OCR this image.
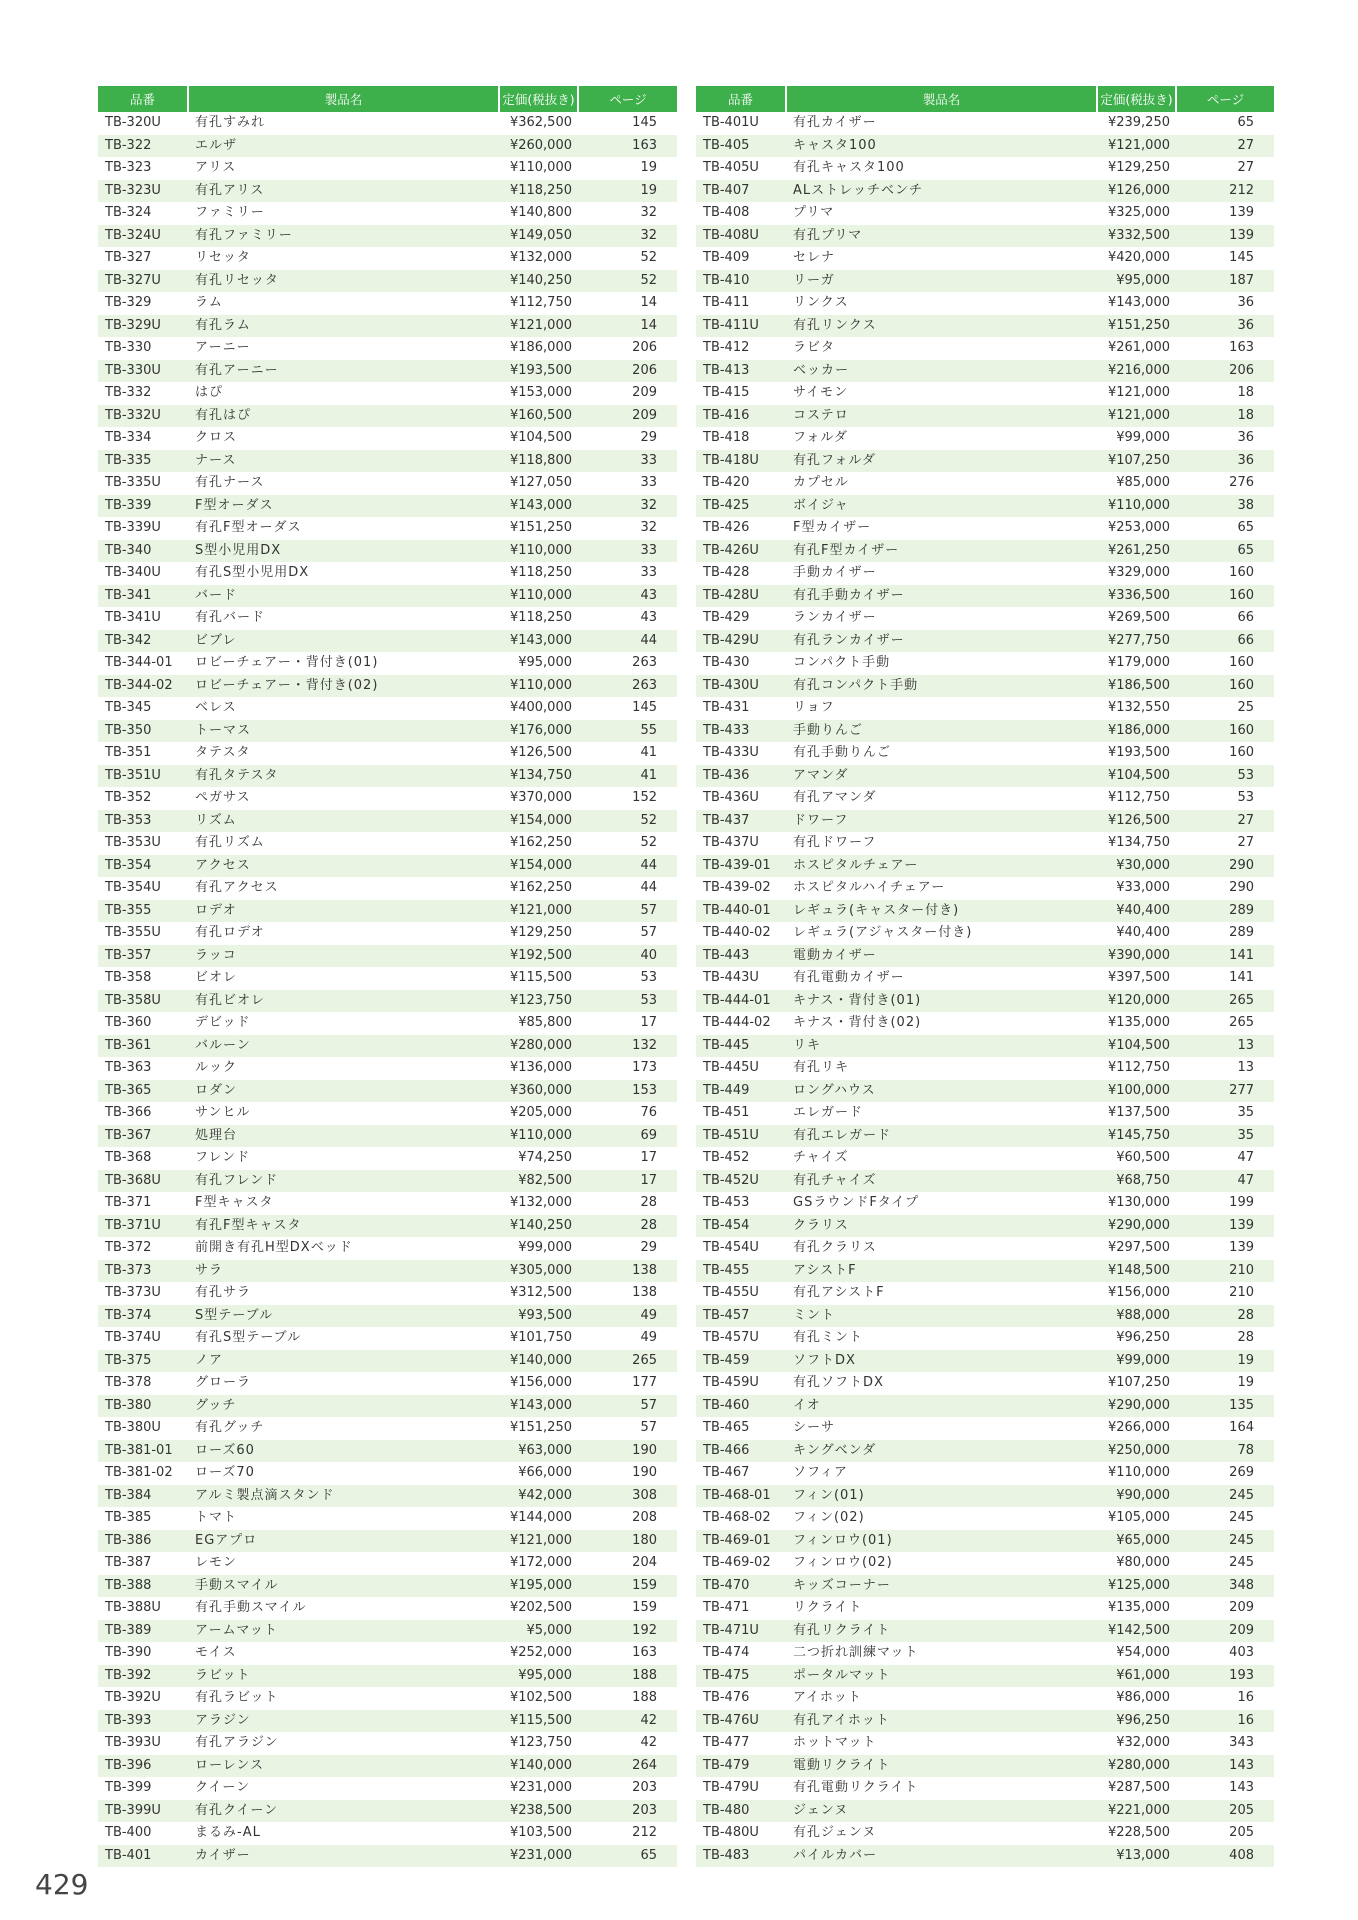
品番	製品名	定価(税抜き)	ページ
TB-320U	有孔すみれ	¥362,500	145
TB-322	エルザ	¥260,000	163
TB-323	アリス	¥110,000	19
TB-323U	有孔アリス	¥118,250	19
TB-324	ファミリー	¥140,800	32
TB-324U	有孔ファミリー	¥149,050	32
TB-327	リセッタ	¥132,000	52
TB-327U	有孔リセッタ	¥140,250	52
TB-329	ラム	¥112,750	14
TB-329U	有孔ラム	¥121,000	14
TB-330	アーニー	¥186,000	206
TB-330U	有孔アーニー	¥193,500	206
TB-332	はぴ	¥153,000	209
TB-332U	有孔はぴ	¥160,500	209
TB-334	クロス	¥104,500	29
TB-335	ナース	¥118,800	33
TB-335U	有孔ナース	¥127,050	33
TB-339	F型オーダス	¥143,000	32
TB-339U	有孔F型オーダス	¥151,250	32
TB-340	S型小児用DX	¥110,000	33
TB-340U	有孔S型小児用DX	¥118,250	33
TB-341	バード	¥110,000	43
TB-341U	有孔バード	¥118,250	43
TB-342	ビブレ	¥143,000	44
TB-344-01	ロビーチェアー・背付き(01)	¥95,000	263
TB-344-02	ロビーチェアー・背付き(02)	¥110,000	263
TB-345	ベレス	¥400,000	145
TB-350	トーマス	¥176,000	55
TB-351	タテスタ	¥126,500	41
TB-351U	有孔タテスタ	¥134,750	41
TB-352	ペガサス	¥370,000	152
TB-353	リズム	¥154,000	52
TB-353U	有孔リズム	¥162,250	52
TB-354	アクセス	¥154,000	44
TB-354U	有孔アクセス	¥162,250	44
TB-355	ロデオ	¥121,000	57
TB-355U	有孔ロデオ	¥129,250	57
TB-357	ラッコ	¥192,500	40
TB-358	ビオレ	¥115,500	53
TB-358U	有孔ビオレ	¥123,750	53
TB-360	デビッド	¥85,800	17
TB-361	バルーン	¥280,000	132
TB-363	ルック	¥136,000	173
TB-365	ロダン	¥360,000	153
TB-366	サンヒル	¥205,000	76
TB-367	処理台	¥110,000	69
TB-368	フレンド	¥74,250	17
TB-368U	有孔フレンド	¥82,500	17
TB-371	F型キャスタ	¥132,000	28
TB-371U	有孔F型キャスタ	¥140,250	28
TB-372	前開き有孔H型DXベッド	¥99,000	29
TB-373	サラ	¥305,000	138
TB-373U	有孔サラ	¥312,500	138
TB-374	S型テーブル	¥93,500	49
TB-374U	有孔S型テーブル	¥101,750	49
TB-375	ノア	¥140,000	265
TB-378	グローラ	¥156,000	177
TB-380	グッチ	¥143,000	57
TB-380U	有孔グッチ	¥151,250	57
TB-381-01	ローズ60	¥63,000	190
TB-381-02	ローズ70	¥66,000	190
TB-384	アルミ製点滴スタンド	¥42,000	308
TB-385	トマト	¥144,000	208
TB-386	EGアプロ	¥121,000	180
TB-387	レモン	¥172,000	204
TB-388	手動スマイル	¥195,000	159
TB-388U	有孔手動スマイル	¥202,500	159
TB-389	アームマット	¥5,000	192
TB-390	モイス	¥252,000	163
TB-392	ラビット	¥95,000	188
TB-392U	有孔ラビット	¥102,500	188
TB-393	アラジン	¥115,500	42
TB-393U	有孔アラジン	¥123,750	42
TB-396	ローレンス	¥140,000	264
TB-399	クイーン	¥231,000	203
TB-399U	有孔クイーン	¥238,500	203
TB-400	まるみ-AL	¥103,500	212
TB-401	カイザー	¥231,000	65
品番	製品名	定価(税抜き)	ページ
TB-401U	有孔カイザー	¥239,250	65
TB-405	キャスタ100	¥121,000	27
TB-405U	有孔キャスタ100	¥129,250	27
TB-407	ALストレッチベンチ	¥126,000	212
TB-408	プリマ	¥325,000	139
TB-408U	有孔プリマ	¥332,500	139
TB-409	セレナ	¥420,000	145
TB-410	リーガ	¥95,000	187
TB-411	リンクス	¥143,000	36
TB-411U	有孔リンクス	¥151,250	36
TB-412	ラビタ	¥261,000	163
TB-413	ベッカー	¥216,000	206
TB-415	サイモン	¥121,000	18
TB-416	コステロ	¥121,000	18
TB-418	フォルダ	¥99,000	36
TB-418U	有孔フォルダ	¥107,250	36
TB-420	カプセル	¥85,000	276
TB-425	ボイジャ	¥110,000	38
TB-426	F型カイザー	¥253,000	65
TB-426U	有孔F型カイザー	¥261,250	65
TB-428	手動カイザー	¥329,000	160
TB-428U	有孔手動カイザー	¥336,500	160
TB-429	ランカイザー	¥269,500	66
TB-429U	有孔ランカイザー	¥277,750	66
TB-430	コンパクト手動	¥179,000	160
TB-430U	有孔コンパクト手動	¥186,500	160
TB-431	リョフ	¥132,550	25
TB-433	手動りんご	¥186,000	160
TB-433U	有孔手動りんご	¥193,500	160
TB-436	アマンダ	¥104,500	53
TB-436U	有孔アマンダ	¥112,750	53
TB-437	ドワーフ	¥126,500	27
TB-437U	有孔ドワーフ	¥134,750	27
TB-439-01	ホスピタルチェアー	¥30,000	290
TB-439-02	ホスピタルハイチェアー	¥33,000	290
TB-440-01	レギュラ(キャスター付き)	¥40,400	289
TB-440-02	レギュラ(アジャスター付き)	¥40,400	289
TB-443	電動カイザー	¥390,000	141
TB-443U	有孔電動カイザー	¥397,500	141
TB-444-01	キナス・背付き(01)	¥120,000	265
TB-444-02	キナス・背付き(02)	¥135,000	265
TB-445	リキ	¥104,500	13
TB-445U	有孔リキ	¥112,750	13
TB-449	ロングハウス	¥100,000	277
TB-451	エレガード	¥137,500	35
TB-451U	有孔エレガード	¥145,750	35
TB-452	チャイズ	¥60,500	47
TB-452U	有孔チャイズ	¥68,750	47
TB-453	GSラウンドFタイプ	¥130,000	199
TB-454	クラリス	¥290,000	139
TB-454U	有孔クラリス	¥297,500	139
TB-455	アシストF	¥148,500	210
TB-455U	有孔アシストF	¥156,000	210
TB-457	ミント	¥88,000	28
TB-457U	有孔ミント	¥96,250	28
TB-459	ソフトDX	¥99,000	19
TB-459U	有孔ソフトDX	¥107,250	19
TB-460	イオ	¥290,000	135
TB-465	シーサ	¥266,000	164
TB-466	キングベンダ	¥250,000	78
TB-467	ソフィア	¥110,000	269
TB-468-01	フィン(01)	¥90,000	245
TB-468-02	フィン(02)	¥105,000	245
TB-469-01	フィンロウ(01)	¥65,000	245
TB-469-02	フィンロウ(02)	¥80,000	245
TB-470	キッズコーナー	¥125,000	348
TB-471	リクライト	¥135,000	209
TB-471U	有孔リクライト	¥142,500	209
TB-474	二つ折れ訓練マット	¥54,000	403
TB-475	ポータルマット	¥61,000	193
TB-476	アイホット	¥86,000	16
TB-476U	有孔アイホット	¥96,250	16
TB-477	ホットマット	¥32,000	343
TB-479	電動リクライト	¥280,000	143
TB-479U	有孔電動リクライト	¥287,500	143
TB-480	ジェンヌ	¥221,000	205
TB-480U	有孔ジェンヌ	¥228,500	205
TB-483	パイルカバー	¥13,000	408
429
